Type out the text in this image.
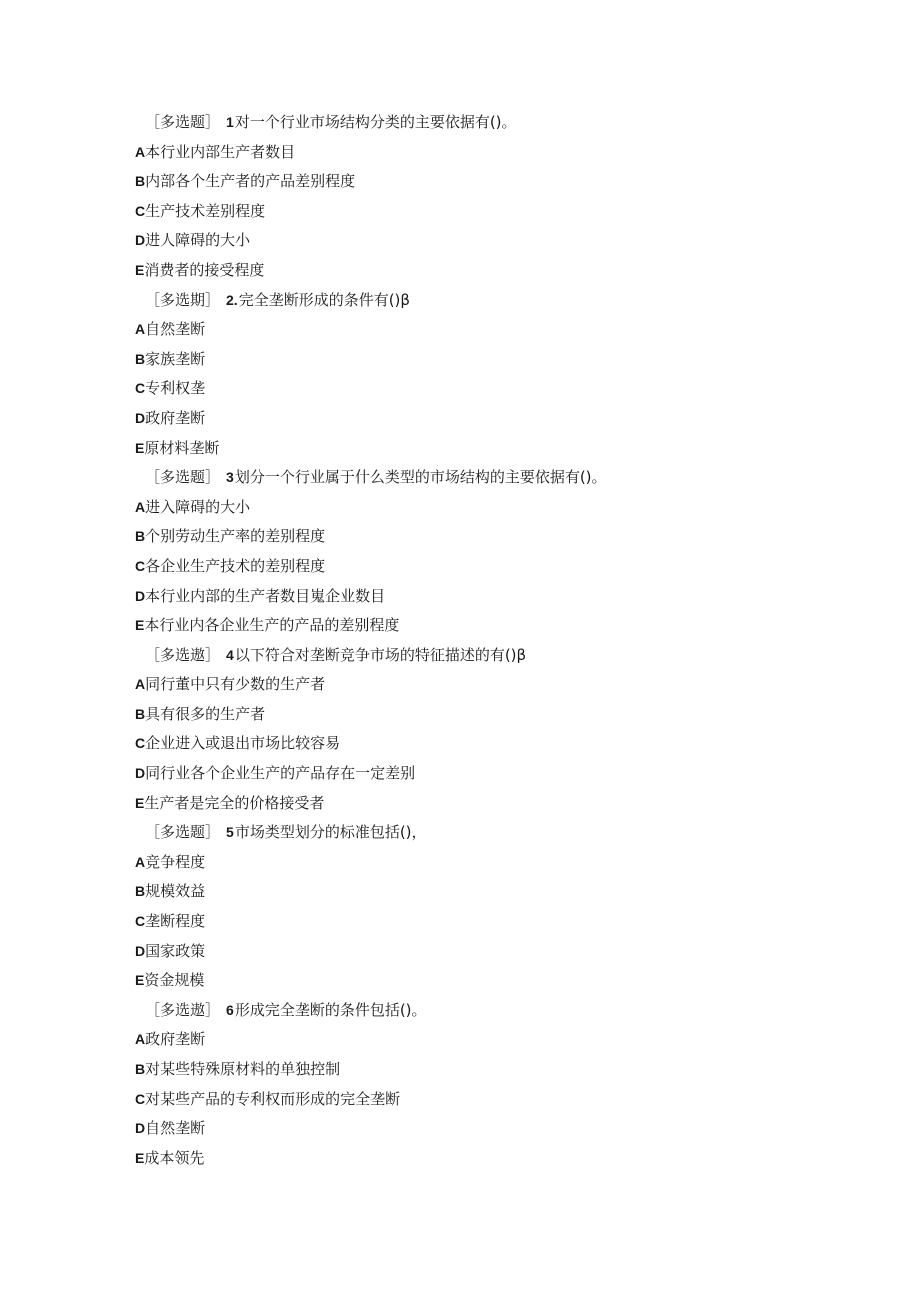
［多选题］ 1对一个行业市场结构分类的主要依据有()。
A本行业内部生产者数目
B内部各个生产者的产品差别程度
C生产技术差别程度
D进人障碍的大小
E消费者的接受程度
［多选期］ 2.完全垄断形成的条件有()β
A自然垄断
B家族垄断
C专利权垄
D政府垄断
E原材料垄断
［多选题］ 3划分一个行业属于什么类型的市场结构的主要依据有()。
A进入障碍的大小
B个别劳动生产率的差别程度
C各企业生产技术的差别程度
D本行业内部的生产者数目嵬企业数目
E本行业内各企业生产的产品的差别程度
［多选遨］ 4以下符合对垄断竞争市场的特征描述的有()β
A同行董中只有少数的生产者
B具有很多的生产者
C企业进入或退出市场比较容易
D同行业各个企业生产的产品存在一定差别
E生产者是完全的价格接受者
［多选题］ 5市场类型划分的标准包括()，
A竞争程度
B规模效益
C垄断程度
D国家政策
E资金规模
［多选遨］ 6形成完全垄断的条件包括()。
A政府垄断
B对某些特殊原材料的单独控制
C对某些产品的专利权而形成的完全垄断
D自然垄断
E成本领先
